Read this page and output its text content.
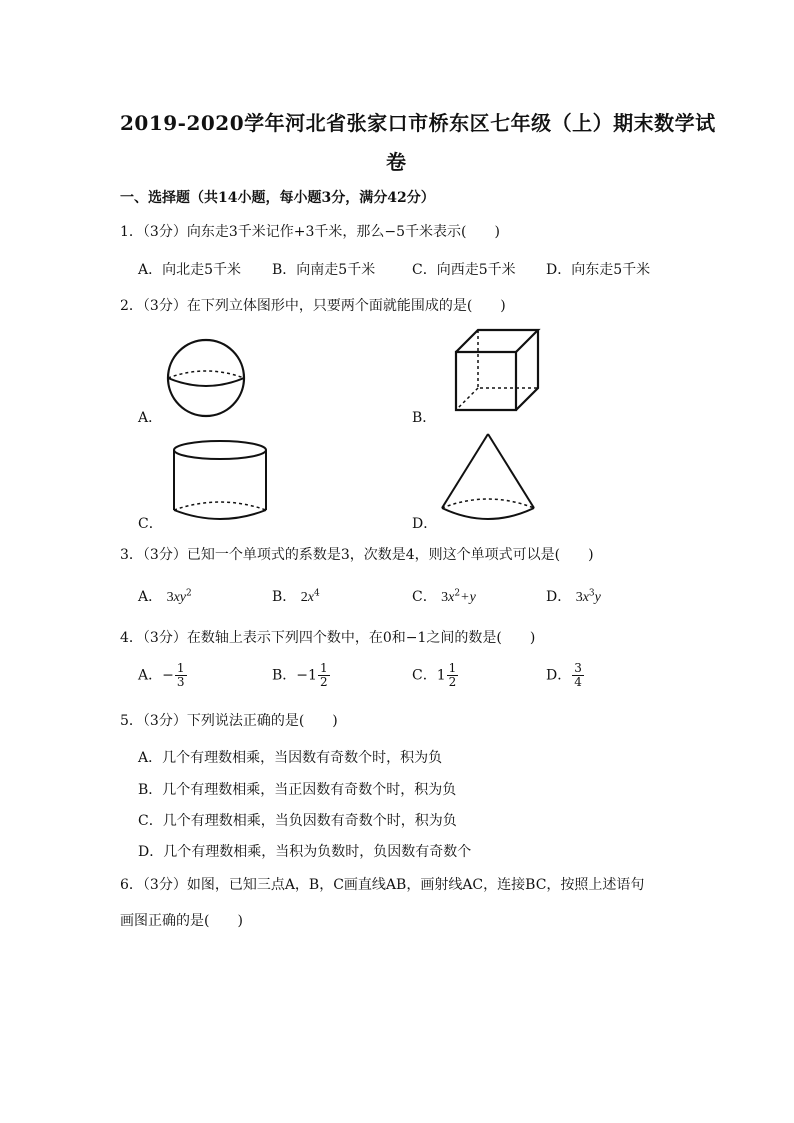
2019-2020学年河北省张家口市桥东区七年级（上）期末数学试
卷
一、选择题（共14小题，每小题3分，满分42分）
1．（3分）向东走3千米记作+3千米，那么−5千米表示(　　)
A．向北走5千米 B．向南走5千米	C．向西走5千米 D．向东走5千米
2．（3分）在下列立体图形中，只要两个面就能围成的是(　　)
A．	B．
C．	D．
3．（3分）已知一个单项式的系数是3，次数是4，则这个单项式可以是(　　)
A． $3xy^2$	B． $2x^4$	C． $3x^2+y$	D． $3x^3y$
4．（3分）在数轴上表示下列四个数中，在0和−1之间的数是(　　)
A．− $\frac{1}{3}$	B．$-1 \frac{1}{2}$	C．$1 \frac{1}{2}$	D． $\frac{3}{4}$
5．（3分）下列说法正确的是(　　)
A．几个有理数相乘，当因数有奇数个时，积为负
B．几个有理数相乘，当正因数有奇数个时，积为负
C．几个有理数相乘，当负因数有奇数个时，积为负
D．几个有理数相乘，当积为负数时，负因数有奇数个
6．（3分）如图，已知三点A，B，C画直线AB，画射线AC，连接BC，按照上述语句
画图正确的是(　　)
